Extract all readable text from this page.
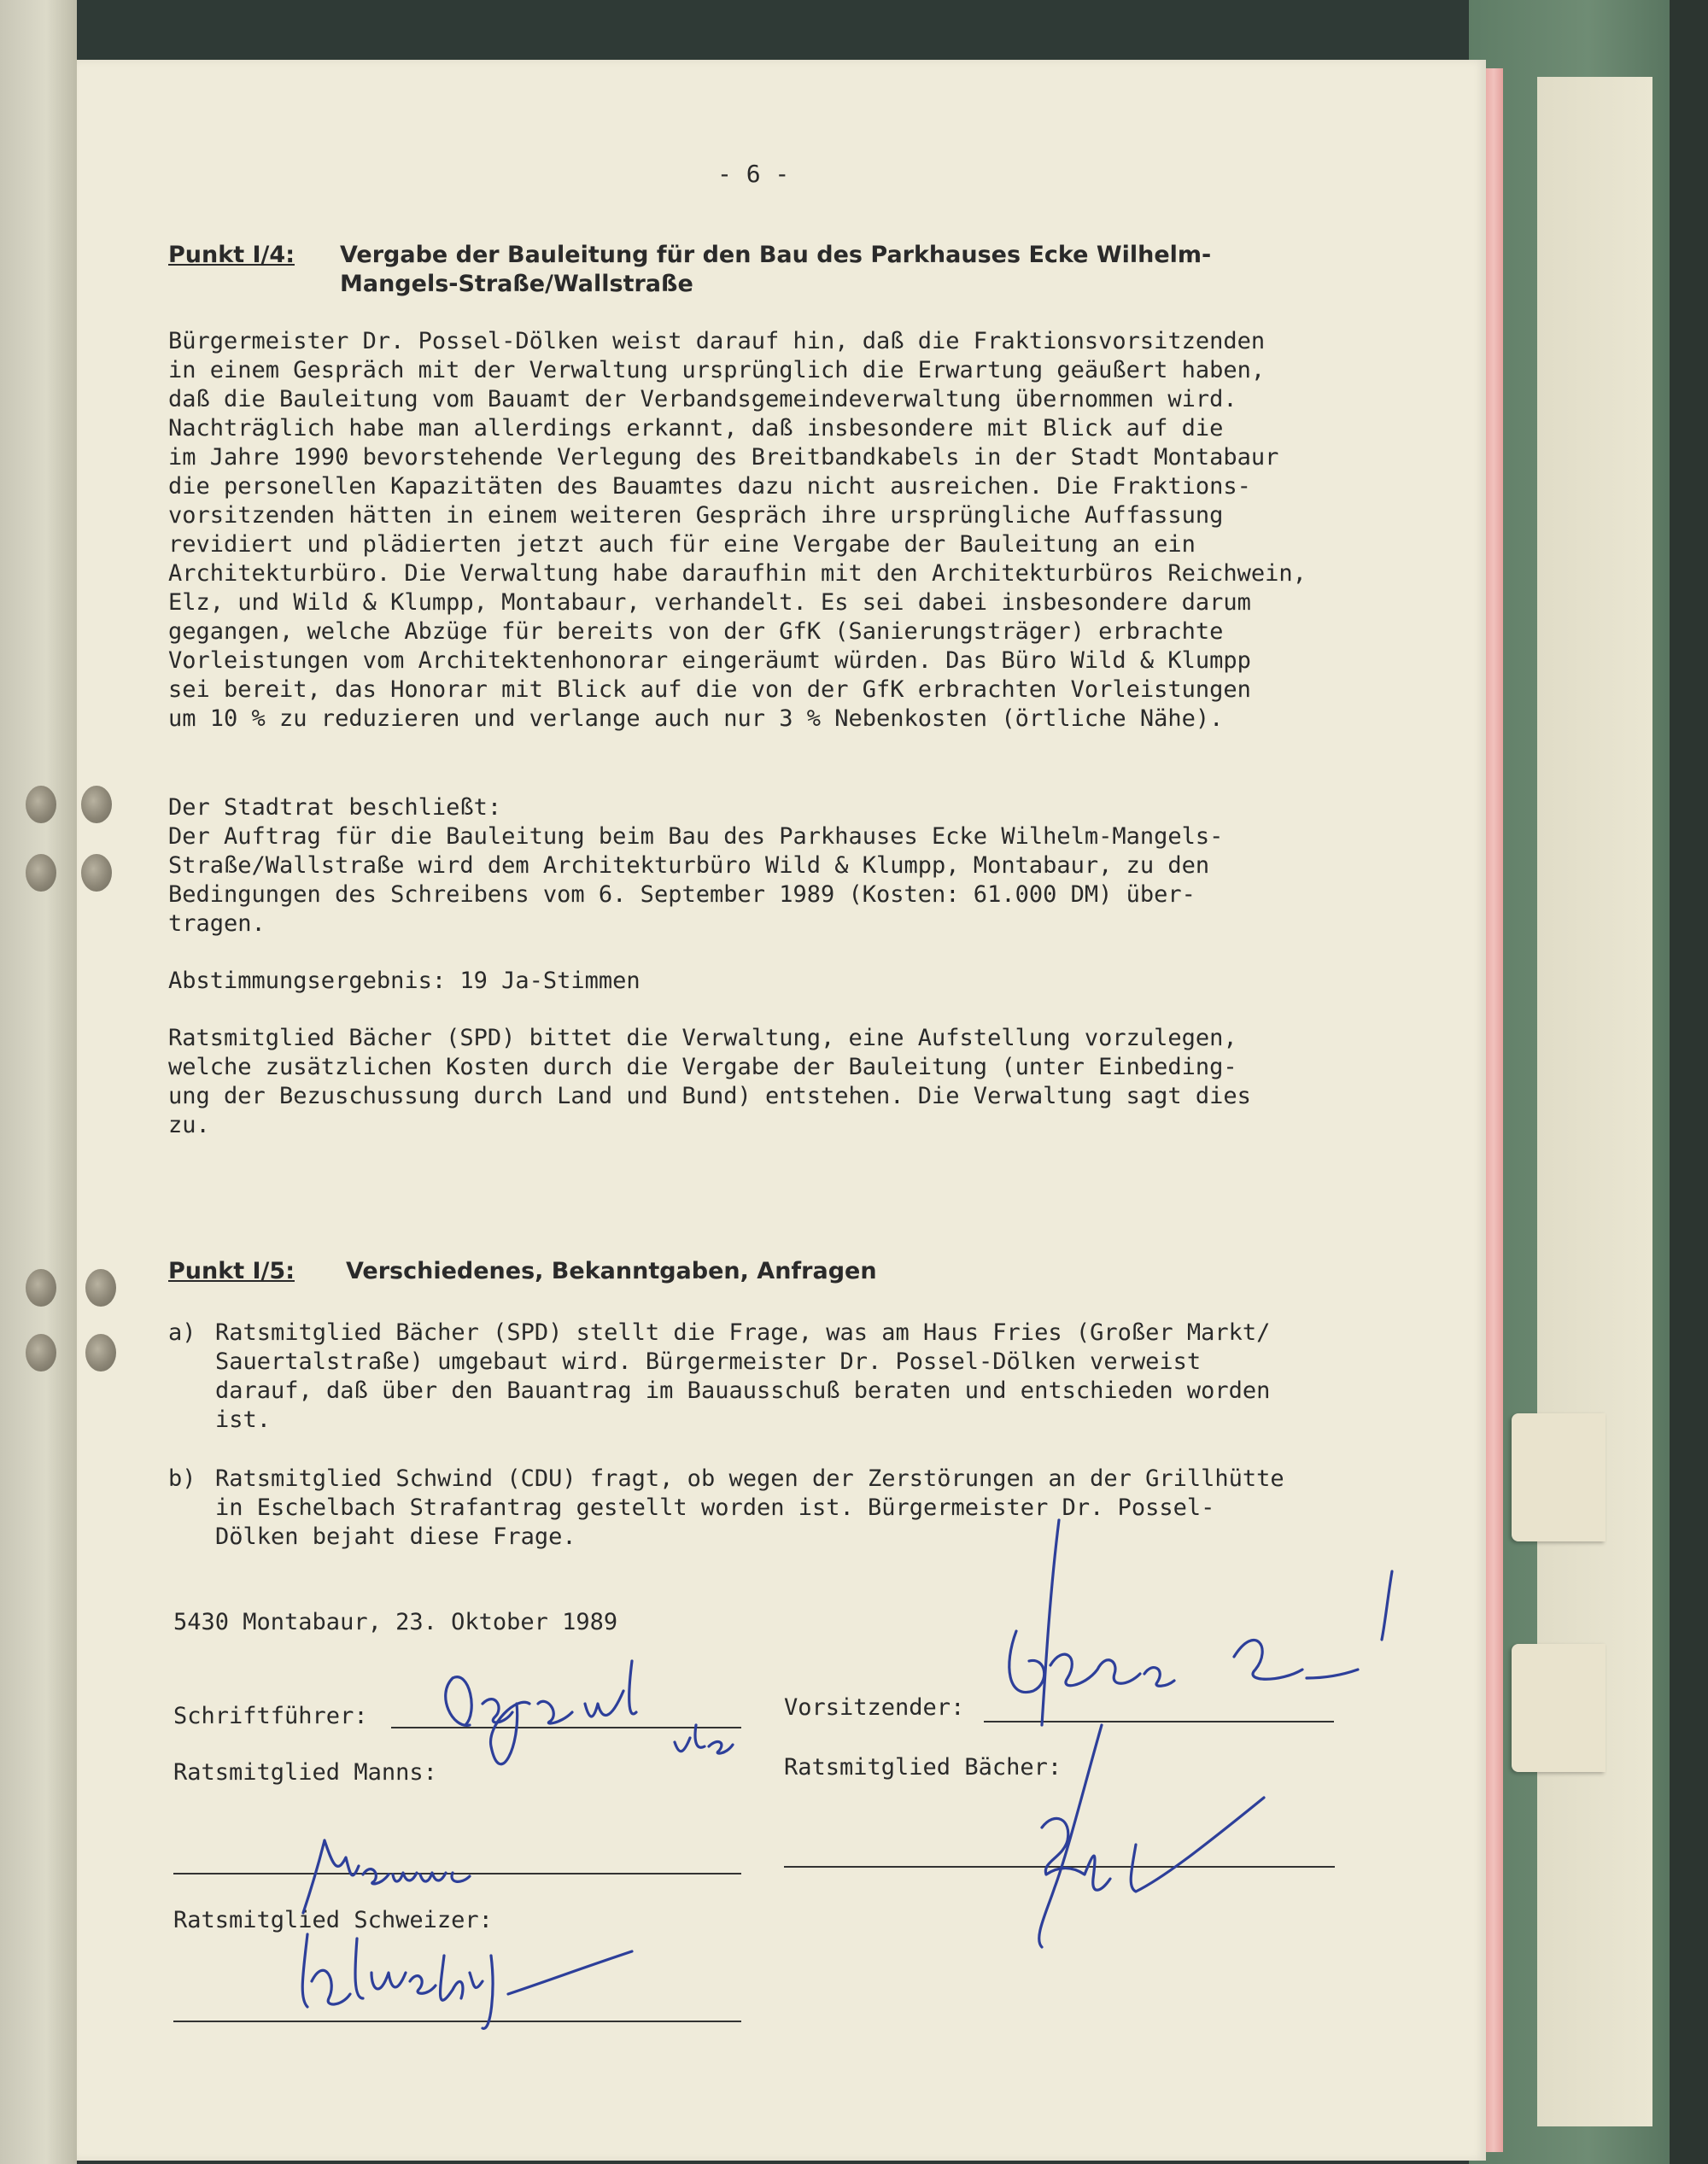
- 6 -

Punkt I/4: Vergabe der Bauleitung für den Bau des Parkhauses Ecke Wilhelm-
Mangels-Straße/Wallstraße

Bürgermeister Dr. Possel-Dölken weist darauf hin, daß die Fraktionsvorsitzenden
in einem Gespräch mit der Verwaltung ursprünglich die Erwartung geäußert haben,
daß die Bauleitung vom Bauamt der Verbandsgemeindeverwaltung übernommen wird.
Nachträglich habe man allerdings erkannt, daß insbesondere mit Blick auf die
im Jahre 1990 bevorstehende Verlegung des Breitbandkabels in der Stadt Montabaur
die personellen Kapazitäten des Bauamtes dazu nicht ausreichen. Die Fraktions-
vorsitzenden hätten in einem weiteren Gespräch ihre ursprüngliche Auffassung
revidiert und plädierten jetzt auch für eine Vergabe der Bauleitung an ein
Architekturbüro. Die Verwaltung habe daraufhin mit den Architekturbüros Reichwein,
Elz, und Wild & Klumpp, Montabaur, verhandelt. Es sei dabei insbesondere darum
gegangen, welche Abzüge für bereits von der GfK (Sanierungsträger) erbrachte
Vorleistungen vom Architektenhonorar eingeräumt würden. Das Büro Wild & Klumpp
sei bereit, das Honorar mit Blick auf die von der GfK erbrachten Vorleistungen
um 10 % zu reduzieren und verlange auch nur 3 % Nebenkosten (örtliche Nähe).

Der Stadtrat beschließt:
Der Auftrag für die Bauleitung beim Bau des Parkhauses Ecke Wilhelm-Mangels-
Straße/Wallstraße wird dem Architekturbüro Wild & Klumpp, Montabaur, zu den
Bedingungen des Schreibens vom 6. September 1989 (Kosten: 61.000 DM) über-
tragen.

Abstimmungsergebnis: 19 Ja-Stimmen

Ratsmitglied Bächer (SPD) bittet die Verwaltung, eine Aufstellung vorzulegen,
welche zusätzlichen Kosten durch die Vergabe der Bauleitung (unter Einbeding-
ung der Bezuschussung durch Land und Bund) entstehen. Die Verwaltung sagt dies
zu.

Punkt I/5: Verschiedenes, Bekanntgaben, Anfragen

a) Ratsmitglied Bächer (SPD) stellt die Frage, was am Haus Fries (Großer Markt/
Sauertalstraße) umgebaut wird. Bürgermeister Dr. Possel-Dölken verweist
darauf, daß über den Bauantrag im Bauausschuß beraten und entschieden worden
ist.

b) Ratsmitglied Schwind (CDU) fragt, ob wegen der Zerstörungen an der Grillhütte
in Eschelbach Strafantrag gestellt worden ist. Bürgermeister Dr. Possel-
Dölken bejaht diese Frage.

5430 Montabaur, 23. Oktober 1989

Schriftführer:

Ratsmitglied Manns:

Ratsmitglied Schweizer:

Vorsitzender:

Ratsmitglied Bächer:
